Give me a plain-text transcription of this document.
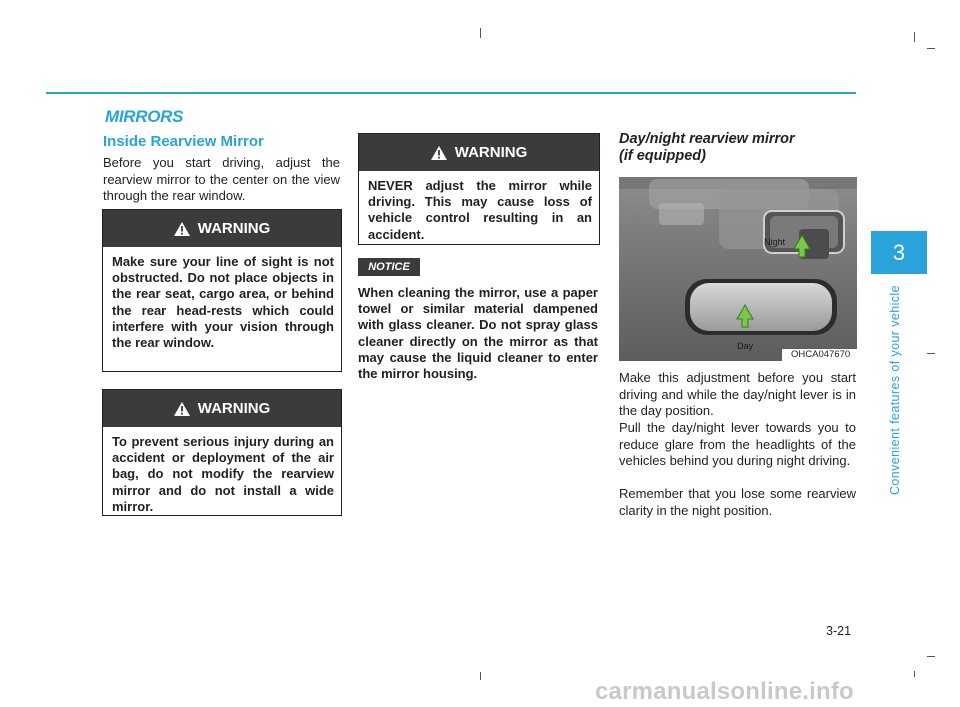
MIRRORS
Inside Rearview Mirror
Before you start driving, adjust the rearview mirror to the center on the view through the rear window.
WARNING
Make sure your line of sight is not obstructed. Do not place objects in the rear seat, cargo area, or behind the rear head-rests which could interfere with your vision through the rear window.
WARNING
To prevent serious injury during an accident or deployment of the air bag, do not modify the rearview mirror and do not install a wide mirror.
WARNING
NEVER adjust the mirror while driving. This may cause loss of vehicle control resulting in an accident.
NOTICE
When cleaning the mirror, use a paper towel or similar material dampened with glass cleaner. Do not spray glass cleaner directly on the mirror as that may cause the liquid cleaner to enter the mirror housing.
Day/night rearview mirror
(if equipped)
Night
Day
OHCA047670
Make this adjustment before you start driving and while the day/night lever is in the day position.
Pull the day/night lever towards you to reduce glare from the headlights of the vehicles behind you during night driving.
Remember that you lose some rearview clarity in the night position.
3
Convenient features of your vehicle
3-21
carmanualsonline.info
